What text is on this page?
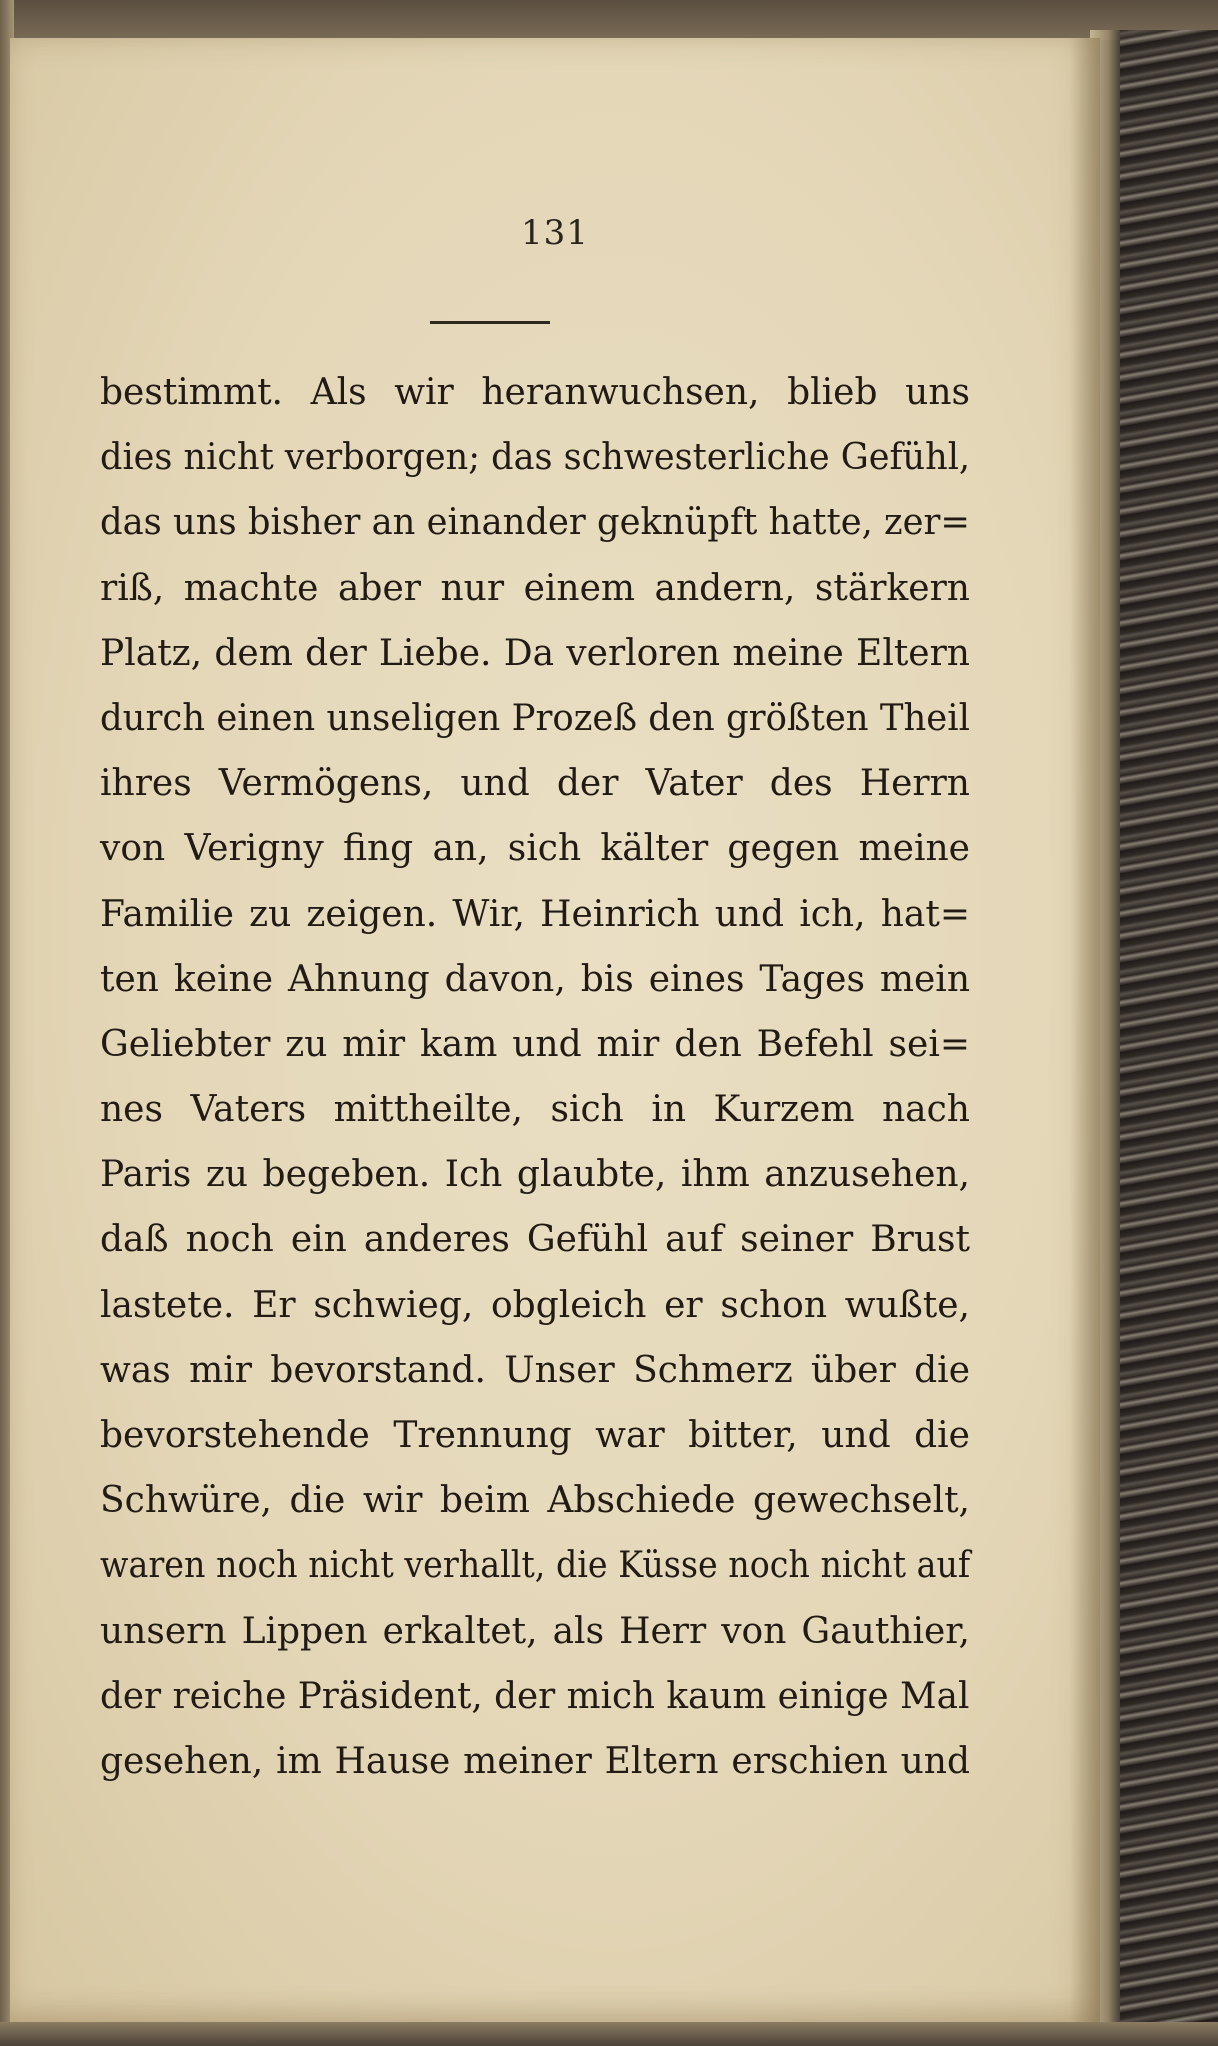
131
bestimmt. Als wir heranwuchsen, blieb uns
dies nicht verborgen; das schwesterliche Gefühl,
das uns bisher an einander geknüpft hatte, zer=
riß, machte aber nur einem andern, stärkern
Platz, dem der Liebe. Da verloren meine Eltern
durch einen unseligen Prozeß den größten Theil
ihres Vermögens, und der Vater des Herrn
von Verigny fing an, sich kälter gegen meine
Familie zu zeigen. Wir, Heinrich und ich, hat=
ten keine Ahnung davon, bis eines Tages mein
Geliebter zu mir kam und mir den Befehl sei=
nes Vaters mittheilte, sich in Kurzem nach
Paris zu begeben. Ich glaubte, ihm anzusehen,
daß noch ein anderes Gefühl auf seiner Brust
lastete. Er schwieg, obgleich er schon wußte,
was mir bevorstand. Unser Schmerz über die
bevorstehende Trennung war bitter, und die
Schwüre, die wir beim Abschiede gewechselt,
waren noch nicht verhallt, die Küsse noch nicht auf
unsern Lippen erkaltet, als Herr von Gauthier,
der reiche Präsident, der mich kaum einige Mal
gesehen, im Hause meiner Eltern erschien und
